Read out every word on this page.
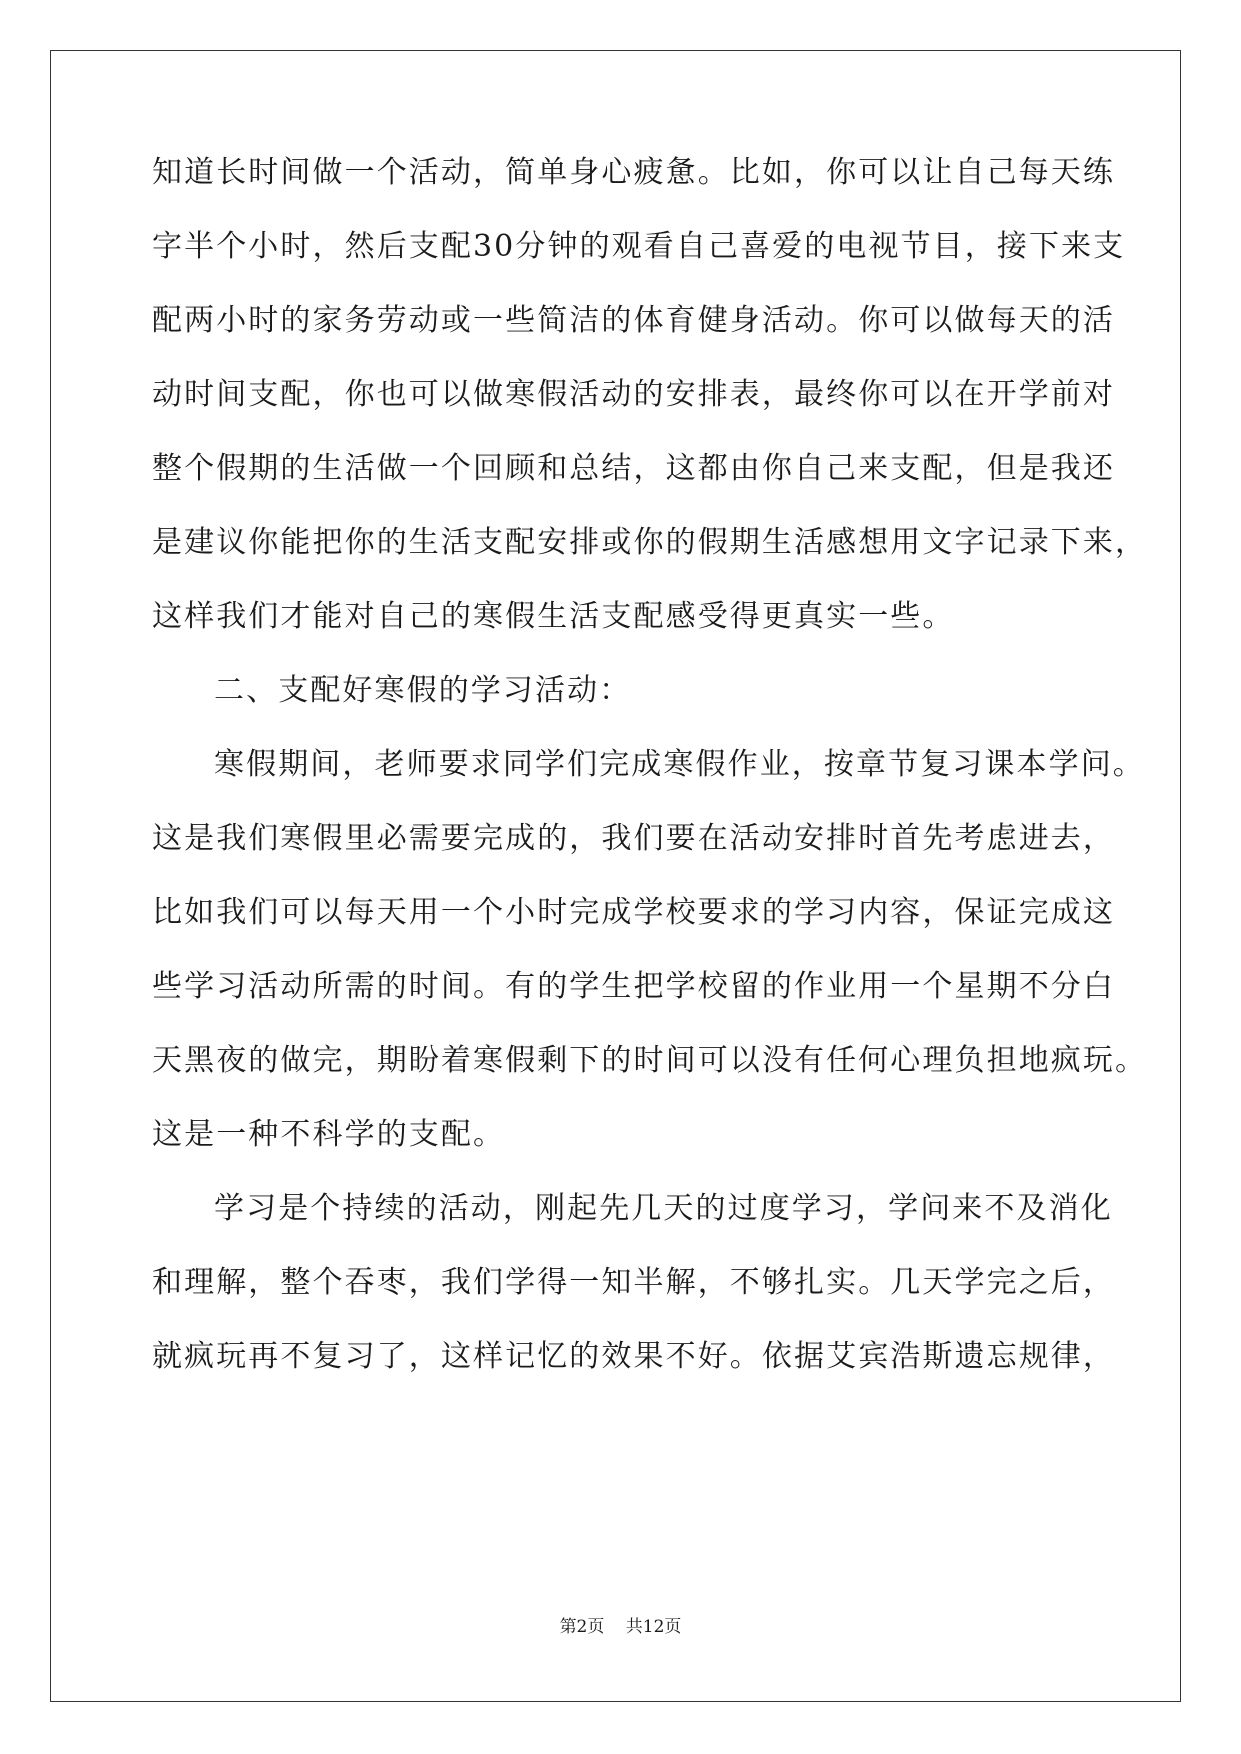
知道长时间做一个活动，简单身心疲惫。比如，你可以让自己每天练
字半个小时，然后支配30分钟的观看自己喜爱的电视节目，接下来支
配两小时的家务劳动或一些简洁的体育健身活动。你可以做每天的活
动时间支配，你也可以做寒假活动的安排表，最终你可以在开学前对
整个假期的生活做一个回顾和总结，这都由你自己来支配，但是我还
是建议你能把你的生活支配安排或你的假期生活感想用文字记录下来，
这样我们才能对自己的寒假生活支配感受得更真实一些。
二、支配好寒假的学习活动：
寒假期间，老师要求同学们完成寒假作业，按章节复习课本学问。
这是我们寒假里必需要完成的，我们要在活动安排时首先考虑进去，
比如我们可以每天用一个小时完成学校要求的学习内容，保证完成这
些学习活动所需的时间。有的学生把学校留的作业用一个星期不分白
天黑夜的做完，期盼着寒假剩下的时间可以没有任何心理负担地疯玩。
这是一种不科学的支配。
学习是个持续的活动，刚起先几天的过度学习，学问来不及消化
和理解，整个吞枣，我们学得一知半解，不够扎实。几天学完之后，
就疯玩再不复习了，这样记忆的效果不好。依据艾宾浩斯遗忘规律，
第2页 共12页
